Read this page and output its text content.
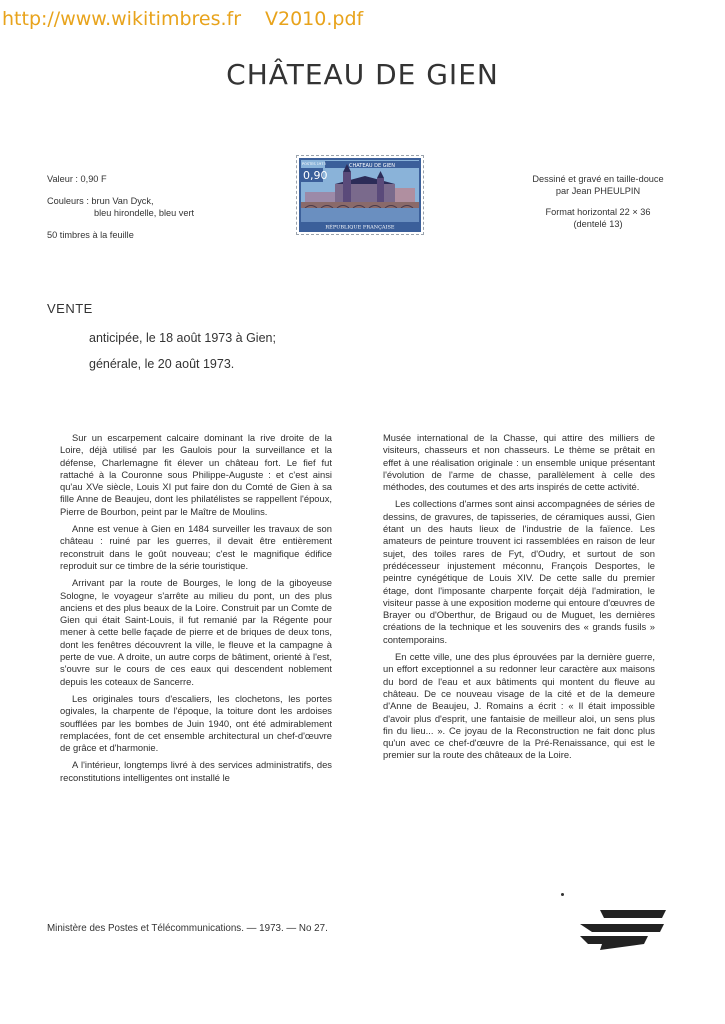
http://www.wikitimbres.fr V2010.pdf
CHÂTEAU DE GIEN
Valeur : 0,90 F
Couleurs : brun Van Dyck,
bleu hirondelle, bleu vert
50 timbres à la feuille
CHATEAU DE GIEN
POSTES 1973
0,90
RÉPUBLIQUE FRANÇAISE
Dessiné et gravé en taille-douce
par Jean PHEULPIN
Format horizontal 22 × 36
(dentelé 13)
VENTE
anticipée, le 18 août 1973 à Gien;
générale, le 20 août 1973.

Sur un escarpement calcaire dominant la rive droite de la Loire, déjà utilisé par les Gaulois pour la surveillance et la défense, Charlemagne fit élever un château fort. Le fief fut rattaché à la Couronne sous Philippe-Auguste : et c'est ainsi qu'au XVe siècle, Louis XI put faire don du Comté de Gien à sa fille Anne de Beaujeu, dont les philatélistes se rappellent l'époux, Pierre de Bourbon, peint par le Maître de Moulins.

Anne est venue à Gien en 1484 surveiller les travaux de son château : ruiné par les guerres, il devait être entièrement reconstruit dans le goût nouveau; c'est le magnifique édifice reproduit sur ce timbre de la série touristique.

Arrivant par la route de Bourges, le long de la giboyeuse Sologne, le voyageur s'arrête au milieu du pont, un des plus anciens et des plus beaux de la Loire. Construit par un Comte de Gien qui était Saint-Louis, il fut remanié par la Régente pour mener à cette belle façade de pierre et de briques de deux tons, dont les fenêtres découvrent la ville, le fleuve et la campagne à perte de vue. A droite, un autre corps de bâtiment, orienté à l'est, s'ouvre sur le cours de ces eaux qui descendent noblement depuis les coteaux de Sancerre.

Les originales tours d'escaliers, les clochetons, les portes ogivales, la charpente de l'époque, la toiture dont les ardoises soufflées par les bombes de Juin 1940, ont été admirablement remplacées, font de cet ensemble architectural un chef-d'œuvre de grâce et d'harmonie.

A l'intérieur, longtemps livré à des services administratifs, des reconstitutions intelligentes ont installé le

Musée international de la Chasse, qui attire des milliers de visiteurs, chasseurs et non chasseurs. Le thème se prêtait en effet à une réalisation originale : un ensemble unique présentant l'évolution de l'arme de chasse, parallèlement à celle des méthodes, des coutumes et des arts inspirés de cette activité.

Les collections d'armes sont ainsi accompagnées de séries de dessins, de gravures, de tapisseries, de céramiques aussi, Gien étant un des hauts lieux de l'industrie de la faïence. Les amateurs de peinture trouvent ici rassemblées en raison de leur sujet, des toiles rares de Fyt, d'Oudry, et surtout de son prédécesseur injustement méconnu, François Desportes, le peintre cynégétique de Louis XIV. De cette salle du premier étage, dont l'imposante charpente forçait déjà l'admiration, le visiteur passe à une exposition moderne qui entoure d'œuvres de Brayer ou d'Oberthur, de Brigaud ou de Muguet, les dernières créations de la technique et les souvenirs des « grands fusils » contemporains.

En cette ville, une des plus éprouvées par la dernière guerre, un effort exceptionnel a su redonner leur caractère aux maisons du bord de l'eau et aux bâtiments qui montent du fleuve au château. De ce nouveau visage de la cité et de la demeure d'Anne de Beaujeu, J. Romains a écrit : « Il était impossible d'avoir plus d'esprit, une fantaisie de meilleur aloi, un sens plus fin du lieu... ». Ce joyau de la Reconstruction ne fait donc plus qu'un avec ce chef-d'œuvre de la Pré-Renaissance, qui est le premier sur la route des châteaux de la Loire.

Ministère des Postes et Télécommunications. — 1973. — No 27.
